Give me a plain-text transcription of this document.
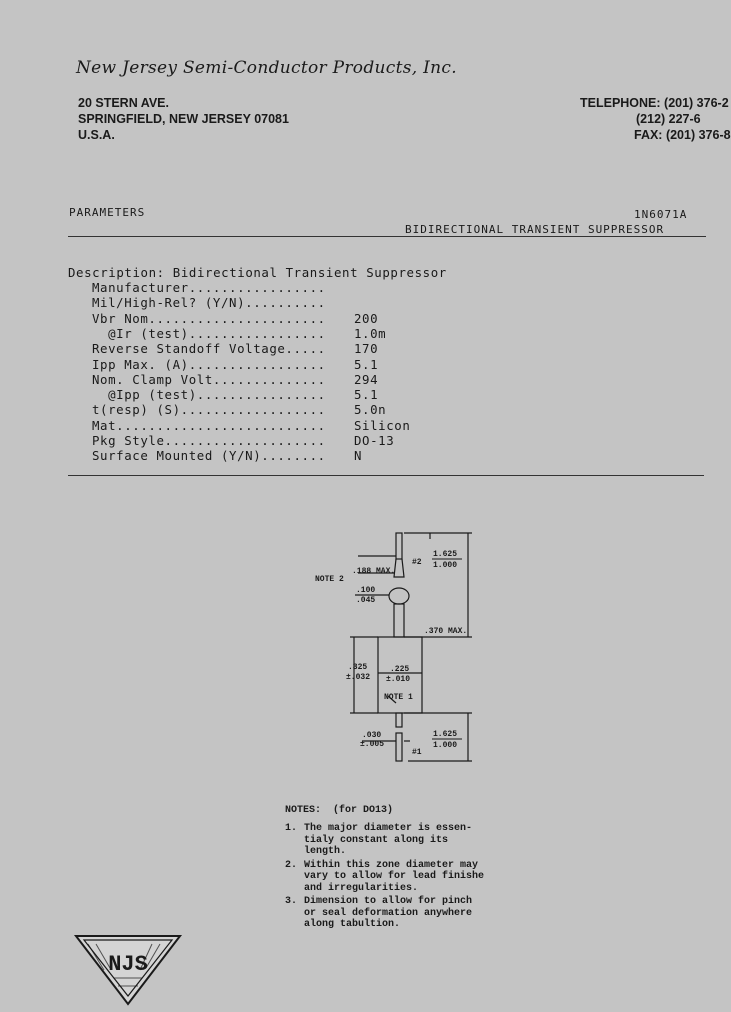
New Jersey Semi-Conductor Products, Inc.
20 STERN AVE.
SPRINGFIELD, NEW JERSEY 07081
U.S.A.
TELEPHONE: (201) 376-2
(212) 227-6
FAX: (201) 376-8
PARAMETERS	1N6071A
BIDIRECTIONAL TRANSIENT SUPPRESSOR
Description: Bidirectional Transient Suppressor
Manufacturer.................
Mil/High-Rel? (Y/N)..........
Vbr Nom...................... 200
@Ir (test)................. 1.0m
Reverse Standoff Voltage..... 170
Ipp Max. (A)................. 5.1
Nom. Clamp Volt.............. 294
@Ipp (test)................ 5.1
t(resp) (S).................. 5.0n
Mat.......................... Silicon
Pkg Style.................... DO-13
Surface Mounted (Y/N)........ N
NOTE 2
.188 MAX.
.100
.045
.370 MAX.
.325
±.032
.225
±.010
NOTE 1
.030
±.005
1.625
1.000
1.625
1.000
#2
#1
NOTES:  (for DO13)
1. The major diameter is essen-
tialy constant along its
length.
2. Within this zone diameter may
vary to allow for lead finishe
and irregularities.
3. Dimension to allow for pinch
or seal deformation anywhere
along tabultion.
NJS
